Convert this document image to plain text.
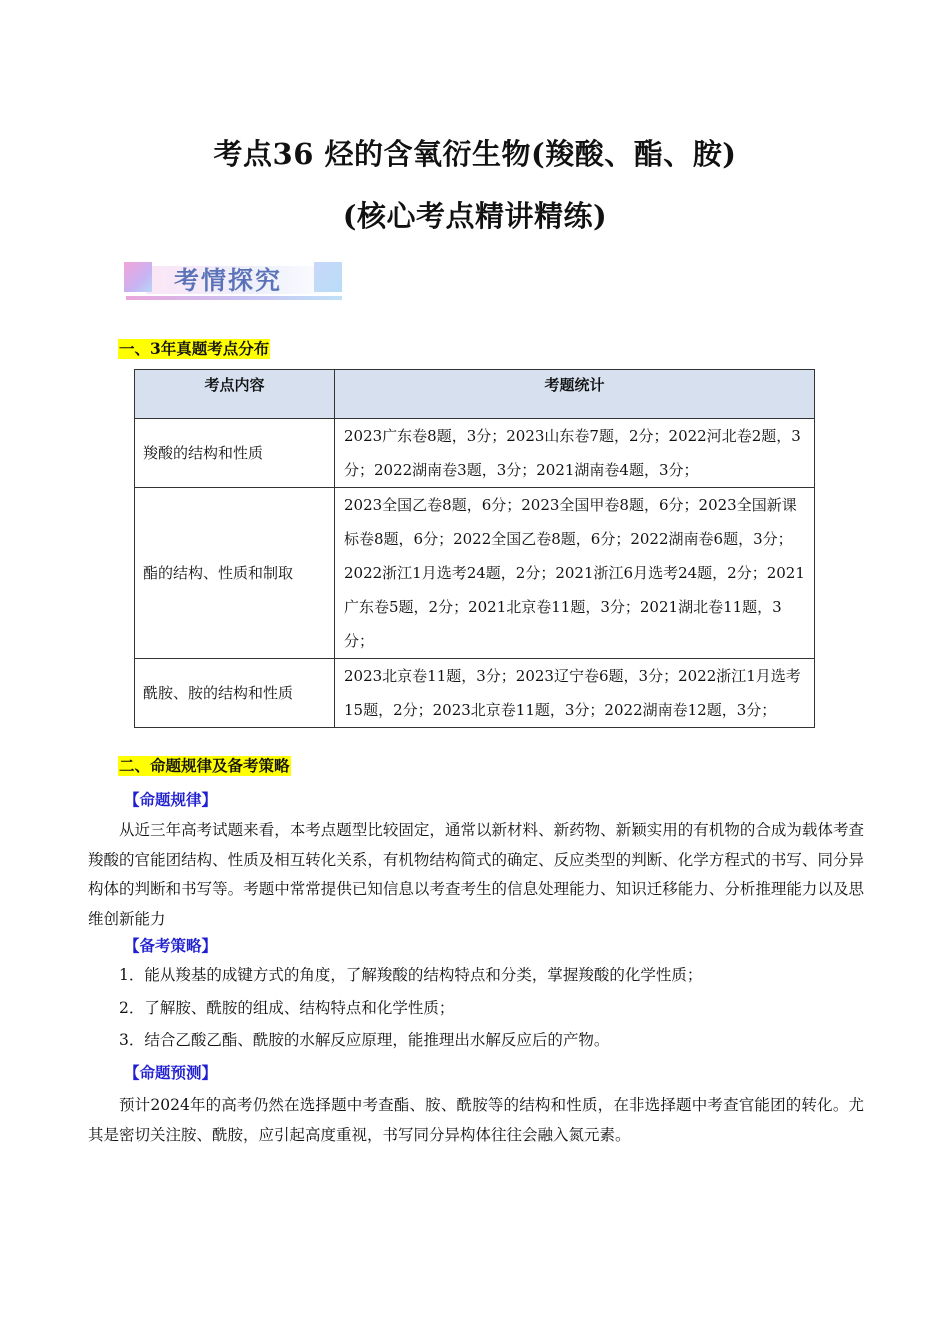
考点36 烃的含氧衍生物(羧酸、酯、胺)
(核心考点精讲精练)
考情探究
一、3年真题考点分布
考点内容	考题统计
羧酸的结构和性质	2023广东卷8题，3分；2023山东卷7题，2分；2022河北卷2题，3分；2022湖南卷3题，3分；2021湖南卷4题，3分；
酯的结构、性质和制取	2023全国乙卷8题，6分；2023全国甲卷8题，6分；2023全国新课标卷8题，6分；2022全国乙卷8题，6分；2022湖南卷6题，3分；2022浙江1月选考24题，2分；2021浙江6月选考24题，2分；2021广东卷5题，2分；2021北京卷11题，3分；2021湖北卷11题，3分；
酰胺、胺的结构和性质	2023北京卷11题，3分；2023辽宁卷6题，3分；2022浙江1月选考15题，2分；2023北京卷11题，3分；2022湖南卷12题，3分；
二、命题规律及备考策略
【命题规律】
从近三年高考试题来看，本考点题型比较固定，通常以新材料、新药物、新颖实用的有机物的合成为载体考查羧酸的官能团结构、性质及相互转化关系，有机物结构简式的确定、反应类型的判断、化学方程式的书写、同分异构体的判断和书写等。考题中常常提供已知信息以考查考生的信息处理能力、知识迁移能力、分析推理能力以及思维创新能力
【备考策略】
1．能从羧基的成键方式的角度，了解羧酸的结构特点和分类，掌握羧酸的化学性质；
2．了解胺、酰胺的组成、结构特点和化学性质；
3．结合乙酸乙酯、酰胺的水解反应原理，能推理出水解反应后的产物。
【命题预测】
预计2024年的高考仍然在选择题中考查酯、胺、酰胺等的结构和性质，在非选择题中考查官能团的转化。尤其是密切关注胺、酰胺，应引起高度重视，书写同分异构体往往会融入氮元素。
